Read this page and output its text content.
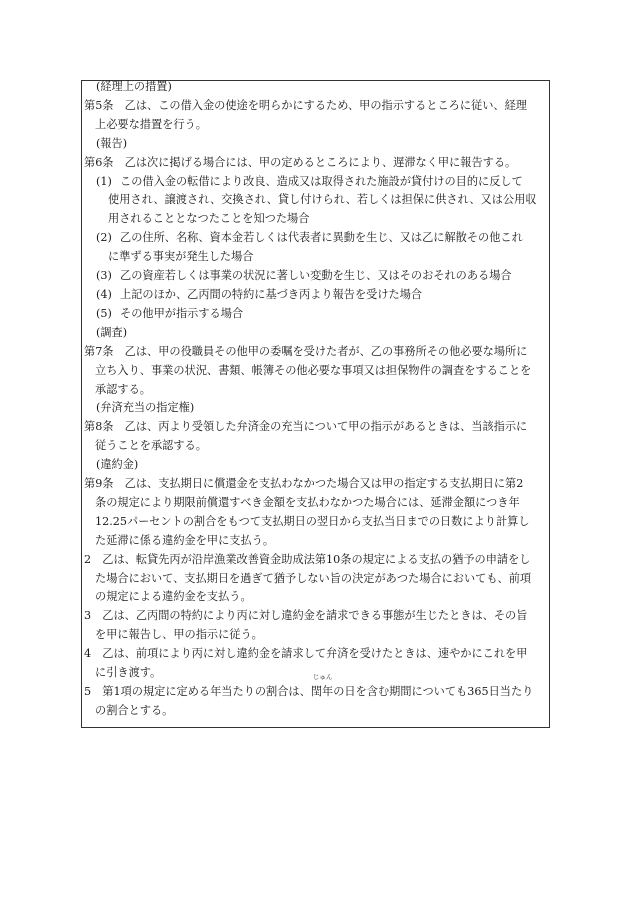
(経理上の措置)
第5条　乙は、この借入金の使途を明らかにするため、甲の指示するところに従い、経理
上必要な措置を行う。
(報告)
第6条　乙は次に掲げる場合には、甲の定めるところにより、遅滞なく甲に報告する。
(1) この借入金の転借により改良、造成又は取得された施設が貸付けの目的に反して
使用され、譲渡され、交換され、貸し付けられ、若しくは担保に供され、又は公用収
用されることとなつたことを知つた場合
(2) 乙の住所、名称、資本金若しくは代表者に異動を生じ、又は乙に解散その他これ
に準ずる事実が発生した場合
(3) 乙の資産若しくは事業の状況に著しい変動を生じ、又はそのおそれのある場合
(4) 上記のほか、乙丙間の特約に基づき丙より報告を受けた場合
(5) その他甲が指示する場合
(調査)
第7条　乙は、甲の役職員その他甲の委嘱を受けた者が、乙の事務所その他必要な場所に
立ち入り、事業の状況、書類、帳簿その他必要な事項又は担保物件の調査をすることを
承認する。
(弁済充当の指定権)
第8条　乙は、丙より受領した弁済金の充当について甲の指示があるときは、当該指示に
従うことを承認する。
(違約金)
第9条　乙は、支払期日に償還金を支払わなかつた場合又は甲の指定する支払期日に第2
条の規定により期限前償還すべき金額を支払わなかつた場合には、延滞金額につき年
12.25パーセントの割合をもつて支払期日の翌日から支払当日までの日数により計算し
た延滞に係る違約金を甲に支払う。
2　乙は、転貸先丙が沿岸漁業改善資金助成法第10条の規定による支払の猶予の申請をし
た場合において、支払期日を過ぎて猶予しない旨の決定があつた場合においても、前項
の規定による違約金を支払う。
3　乙は、乙丙間の特約により丙に対し違約金を請求できる事態が生じたときは、その旨
を甲に報告し、甲の指示に従う。
4　乙は、前項により丙に対し違約金を請求して弁済を受けたときは、速やかにこれを甲
に引き渡す。
5　第1項の規定に定める年当たりの割合は、
じゅん
閏年の日を含む期間についても365日当たり
の割合とする。
